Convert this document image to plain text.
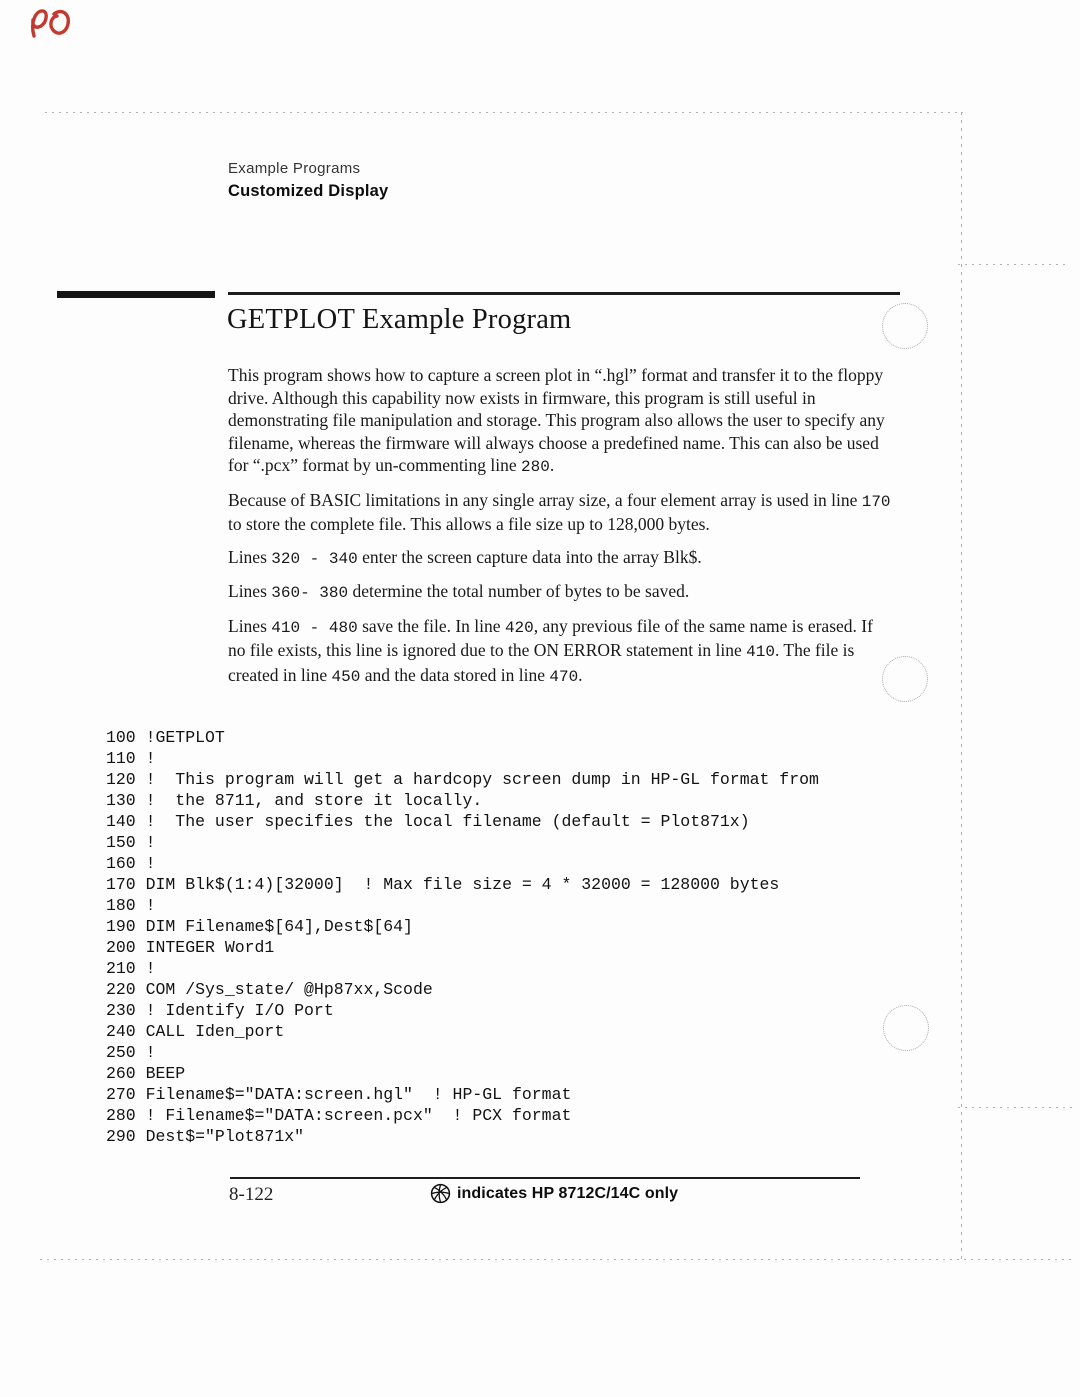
Example Programs
Customized Display
GETPLOT Example Program

This program shows how to capture a screen plot in “.hgl” format and transfer it to the floppy drive. Although this capability now exists in firmware, this program is still useful in demonstrating file manipulation and storage. This program also allows the user to specify any filename, whereas the firmware will always choose a predefined name. This can also be used for “.pcx” format by un-commenting line 280.

Because of BASIC limitations in any single array size, a four element array is used in line 170 to store the complete file. This allows a file size up to 128,000 bytes.

Lines 320 - 340 enter the screen capture data into the array Blk$.

Lines 360- 380 determine the total number of bytes to be saved.

Lines 410 - 480 save the file. In line 420, any previous file of the same name is erased. If no file exists, this line is ignored due to the ON ERROR statement in line 410. The file is created in line 450 and the data stored in line 470.

100 !GETPLOT
110 !
120 !  This program will get a hardcopy screen dump in HP-GL format from
130 !  the 8711, and store it locally.
140 !  The user specifies the local filename (default = Plot871x)
150 !
160 !
170 DIM Blk$(1:4)[32000]  ! Max file size = 4 * 32000 = 128000 bytes
180 !
190 DIM Filename$[64],Dest$[64]
200 INTEGER Word1
210 !
220 COM /Sys_state/ @Hp87xx,Scode
230 ! Identify I/O Port
240 CALL Iden_port
250 !
260 BEEP
270 Filename$="DATA:screen.hgl"  ! HP-GL format
280 ! Filename$="DATA:screen.pcx"  ! PCX format
290 Dest$="Plot871x"
8-122	indicates HP 8712C/14C only
